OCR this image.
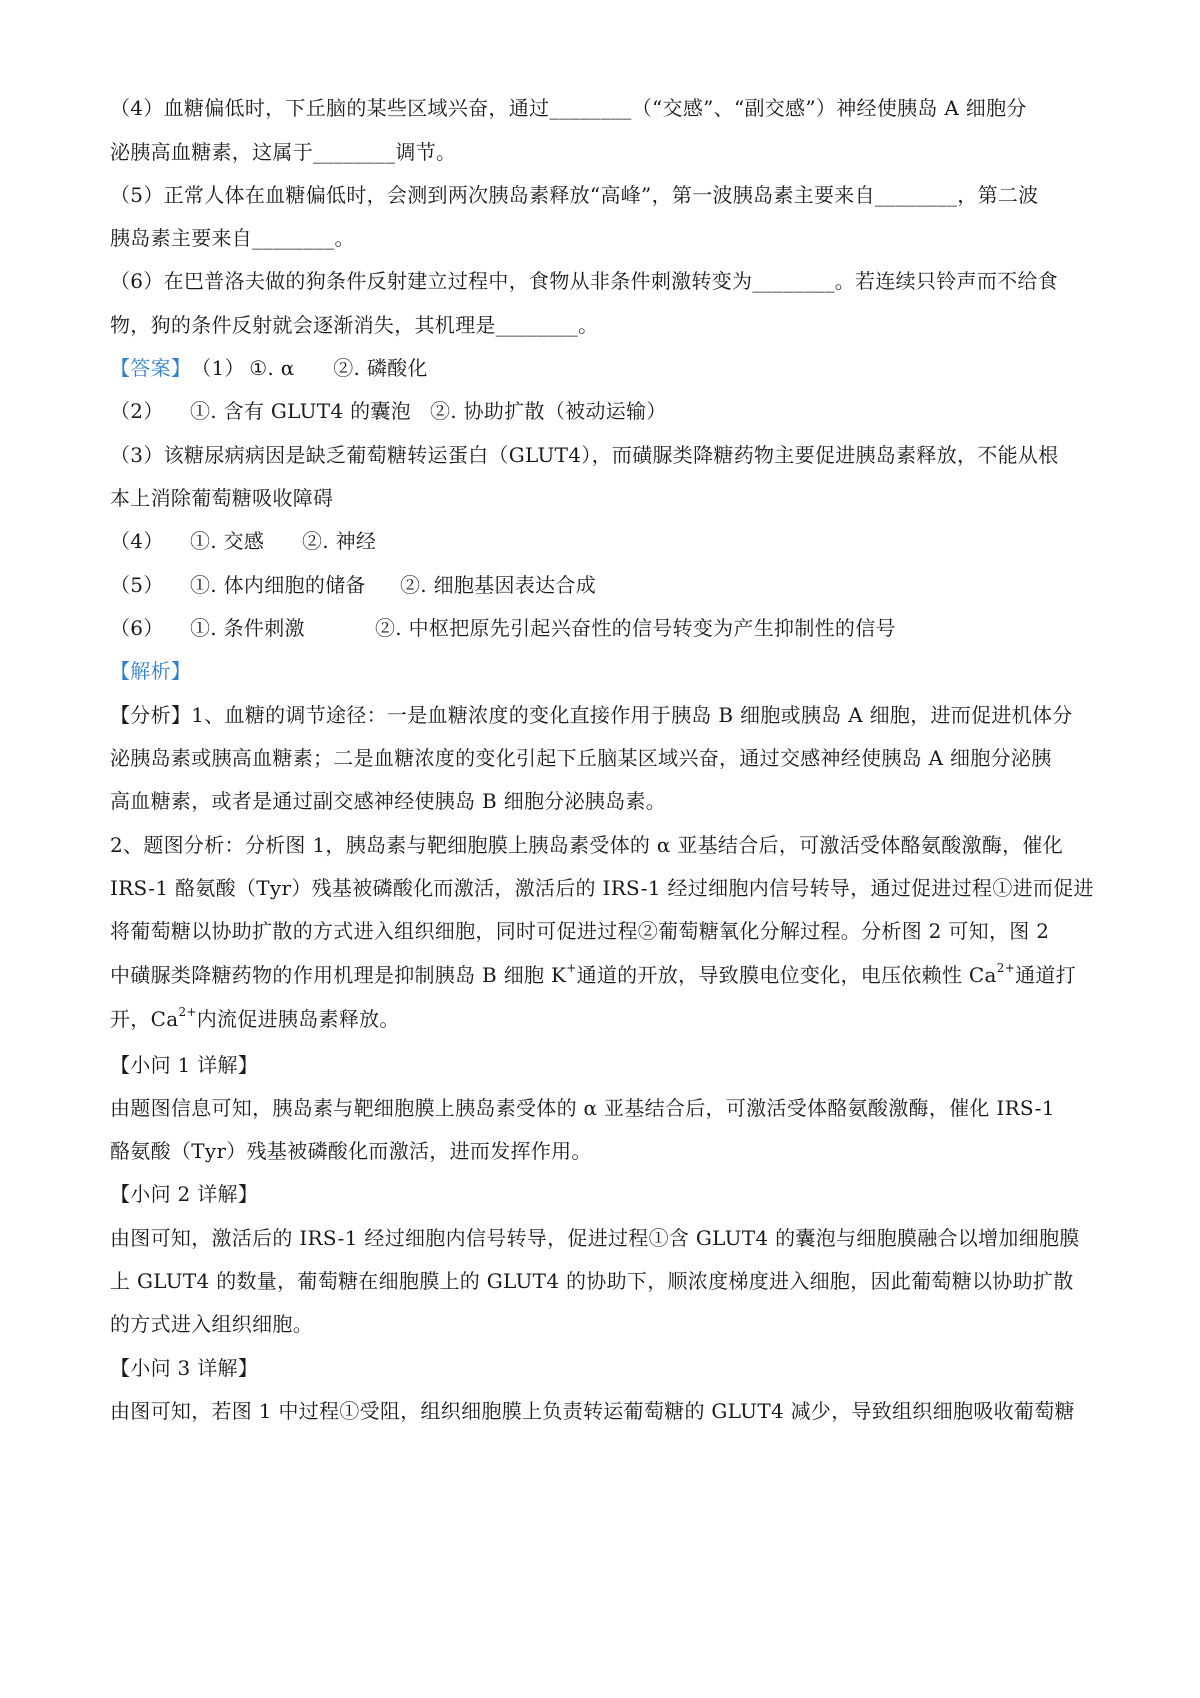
（4）血糖偏低时，下丘脑的某些区域兴奋，通过________（“交感”、“副交感”）神经使胰岛 A 细胞分
泌胰高血糖素，这属于________调节。
（5）正常人体在血糖偏低时，会测到两次胰岛素释放“高峰”，第一波胰岛素主要来自________，第二波
胰岛素主要来自________。
（6）在巴普洛夫做的狗条件反射建立过程中，食物从非条件刺激转变为________。若连续只铃声而不给食
物，狗的条件反射就会逐渐消失，其机理是________。
【答案】 （1） ①. α	②. 磷酸化
（2）	①. 含有 GLUT4 的囊泡 ②. 协助扩散（被动运输）
（3）该糖尿病病因是缺乏葡萄糖转运蛋白（GLUT4），而磺脲类降糖药物主要促进胰岛素释放，不能从根
本上消除葡萄糖吸收障碍
（4）	①. 交感	②. 神经
（5）	①. 体内细胞的储备	②. 细胞基因表达合成
（6）	①. 条件刺激	②. 中枢把原先引起兴奋性的信号转变为产生抑制性的信号
【解析】
【分析】1、血糖的调节途径：一是血糖浓度的变化直接作用于胰岛 B 细胞或胰岛 A 细胞，进而促进机体分
泌胰岛素或胰高血糖素；二是血糖浓度的变化引起下丘脑某区域兴奋，通过交感神经使胰岛 A 细胞分泌胰
高血糖素，或者是通过副交感神经使胰岛 B 细胞分泌胰岛素。
2、题图分析：分析图 1，胰岛素与靶细胞膜上胰岛素受体的 α 亚基结合后，可激活受体酪氨酸激酶，催化
IRS-1 酪氨酸（Tyr）残基被磷酸化而激活，激活后的 IRS-1 经过细胞内信号转导，通过促进过程①进而促进
将葡萄糖以协助扩散的方式进入组织细胞，同时可促进过程②葡萄糖氧化分解过程。分析图 2 可知，图 2
中磺脲类降糖药物的作用机理是抑制胰岛 B 细胞 K+通道的开放，导致膜电位变化，电压依赖性 $Ca^{2+}$通道打
开，$Ca^{2+}$内流促进胰岛素释放。
【小问 1 详解】
由题图信息可知，胰岛素与靶细胞膜上胰岛素受体的 α 亚基结合后，可激活受体酪氨酸激酶，催化 IRS-1
酪氨酸（Tyr）残基被磷酸化而激活，进而发挥作用。
【小问 2 详解】
由图可知，激活后的 IRS-1 经过细胞内信号转导，促进过程①含 GLUT4 的囊泡与细胞膜融合以增加细胞膜
上 GLUT4 的数量，葡萄糖在细胞膜上的 GLUT4 的协助下，顺浓度梯度进入细胞，因此葡萄糖以协助扩散
的方式进入组织细胞。
【小问 3 详解】
由图可知，若图 1 中过程①受阻，组织细胞膜上负责转运葡萄糖的 GLUT4 减少，导致组织细胞吸收葡萄糖
